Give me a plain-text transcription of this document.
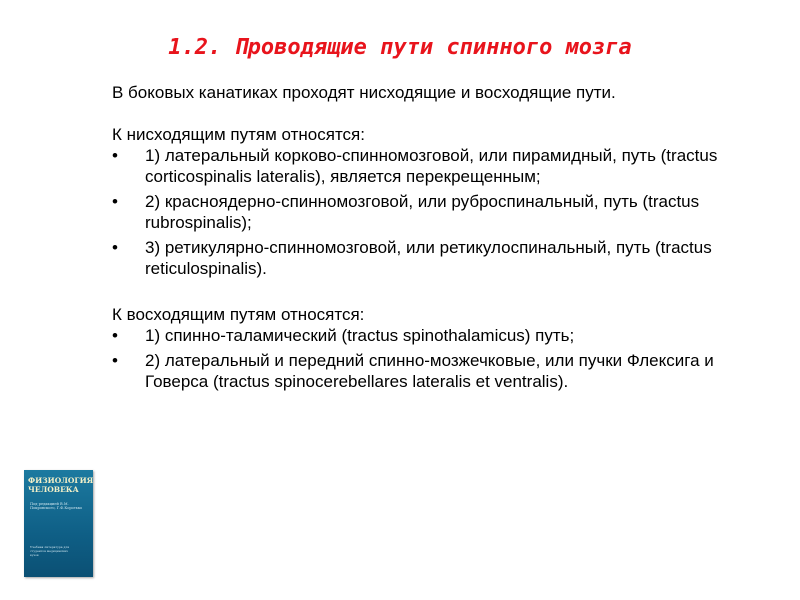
1.2. Проводящие пути спинного мозга

В боковых канатиках проходят нисходящие и восходящие пути.

К нисходящим путям относятся:

•	1) латеральный корково-спинномозговой, или пирамидный, путь (tractus corticospinalis lateralis), является перекрещенным;
•	2) красноядерно-спинномозговой, или руброспинальный, путь (tractus rubrospinalis);
•	3) ретикулярно-спинномозговой, или ретикулоспинальный, путь (tractus reticulospinalis).

К восходящим путям относятся:

•	1) спинно-таламический (tractus spinothalamicus) путь;
•	2) латеральный и передний спинно-мозжечковые, или пучки Флексига и Говерса (tractus spinocerebellares lateralis et ventralis).
ФИЗИОЛОГИЯ ЧЕЛОВЕКА
Под редакцией В.М. Покровского, Г.Ф.Коротько
Учебная литература для студентов медицинских вузов
